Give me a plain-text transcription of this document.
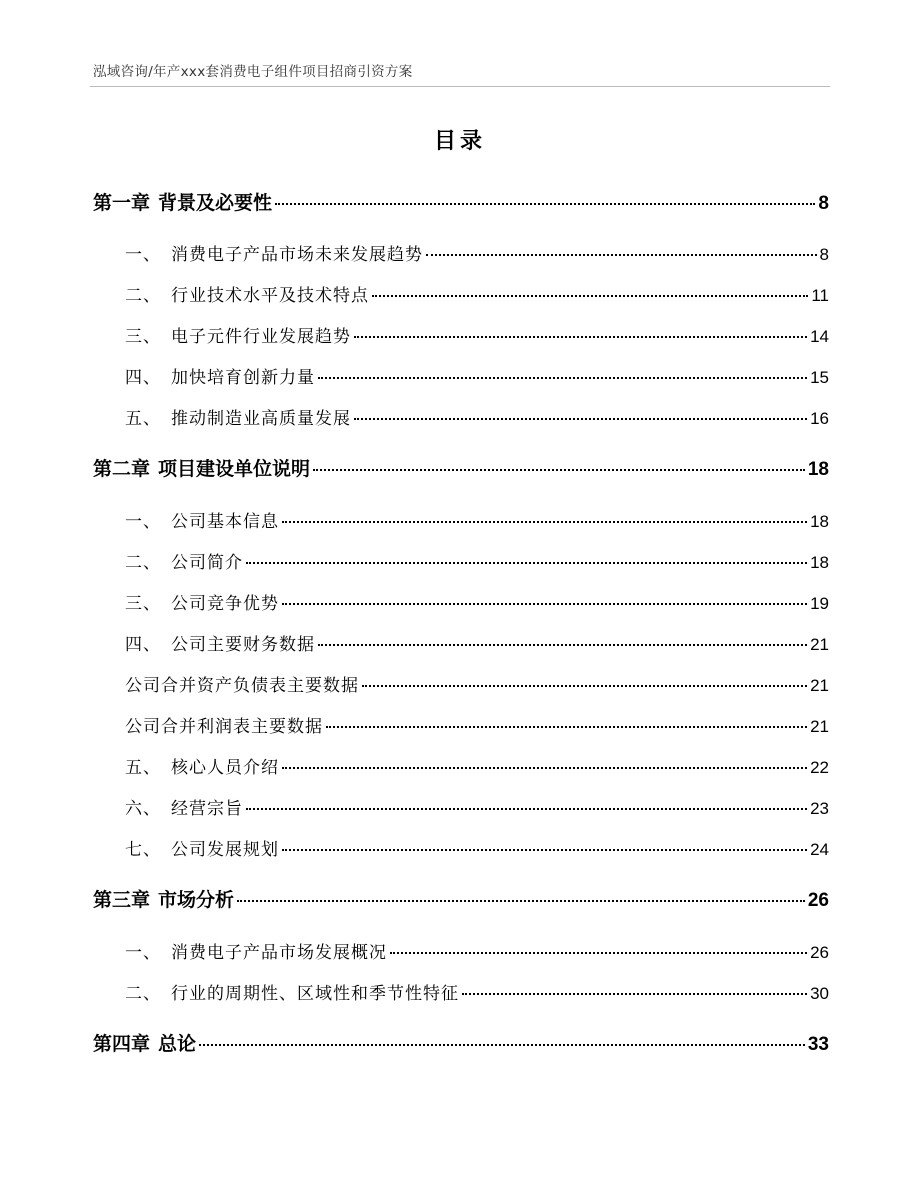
泓域咨询/年产xxx套消费电子组件项目招商引资方案
目录
第一章 背景及必要性	8
一、 消费电子产品市场未来发展趋势	8
二、 行业技术水平及技术特点	11
三、 电子元件行业发展趋势	14
四、 加快培育创新力量	15
五、 推动制造业高质量发展	16
第二章 项目建设单位说明	18
一、 公司基本信息	18
二、 公司简介	18
三、 公司竞争优势	19
四、 公司主要财务数据	21
公司合并资产负债表主要数据	21
公司合并利润表主要数据	21
五、 核心人员介绍	22
六、 经营宗旨	23
七、 公司发展规划	24
第三章 市场分析	26
一、 消费电子产品市场发展概况	26
二、 行业的周期性、区域性和季节性特征	30
第四章 总论	33
